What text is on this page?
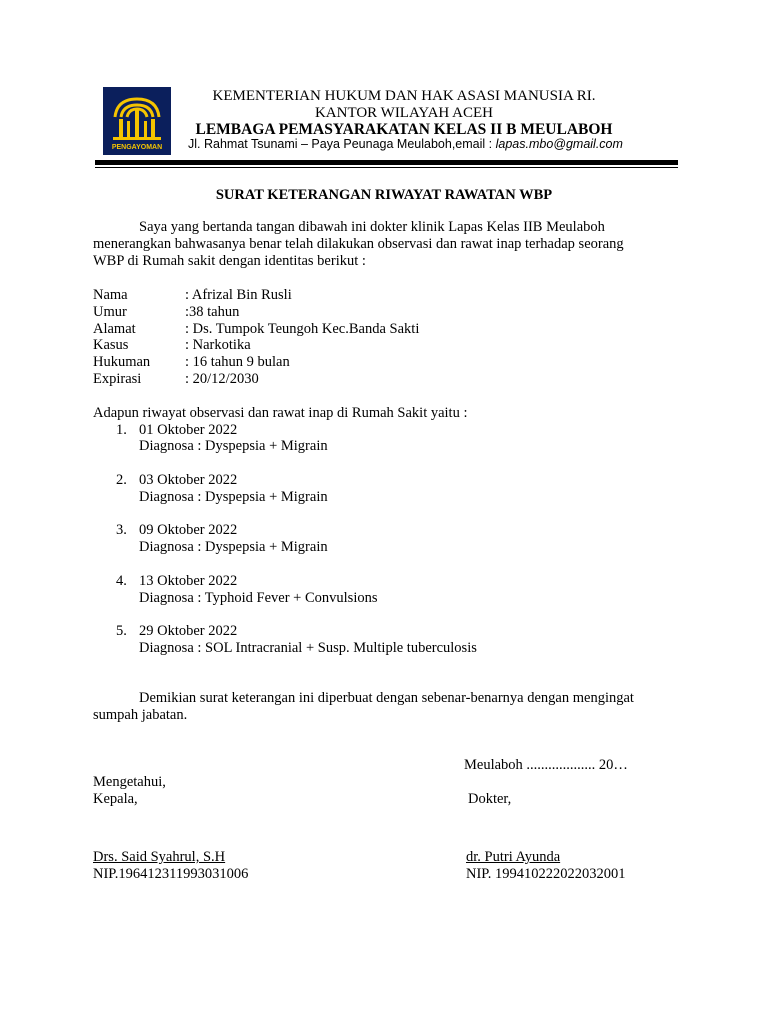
PENGAYOMAN
KEMENTERIAN HUKUM DAN HAK ASASI MANUSIA RI.
KANTOR WILAYAH ACEH
LEMBAGA PEMASYARAKATAN KELAS II B MEULABOH
Jl. Rahmat Tsunami – Paya Peunaga Meulaboh,email : lapas.mbo@gmail.com
SURAT KETERANGAN RIWAYAT RAWATAN WBP
Saya yang bertanda tangan dibawah ini dokter klinik Lapas Kelas IIB Meulaboh
menerangkan bahwasanya benar telah dilakukan observasi dan rawat inap terhadap seorang
WBP di Rumah sakit dengan identitas berikut :
Nama	: Afrizal Bin Rusli
Umur	:38 tahun
Alamat	: Ds. Tumpok Teungoh Kec.Banda Sakti
Kasus	: Narkotika
Hukuman : 16 tahun 9 bulan
Expirasi	: 20/12/2030
Adapun riwayat observasi dan rawat inap di Rumah Sakit yaitu :
1. 01 Oktober 2022
Diagnosa : Dyspepsia + Migrain
2. 03 Oktober 2022
Diagnosa : Dyspepsia + Migrain
3. 09 Oktober 2022
Diagnosa : Dyspepsia + Migrain
4. 13 Oktober 2022
Diagnosa : Typhoid Fever + Convulsions
5. 29 Oktober 2022
Diagnosa : SOL Intracranial + Susp. Multiple tuberculosis
Demikian surat keterangan ini diperbuat dengan sebenar-benarnya dengan mengingat
sumpah jabatan.
Meulaboh ................... 20…
Mengetahui,
Kepala,	Dokter,
Drs. Said Syahrul, S.H
NIP.196412311993031006
dr. Putri Ayunda
NIP. 199410222022032001
